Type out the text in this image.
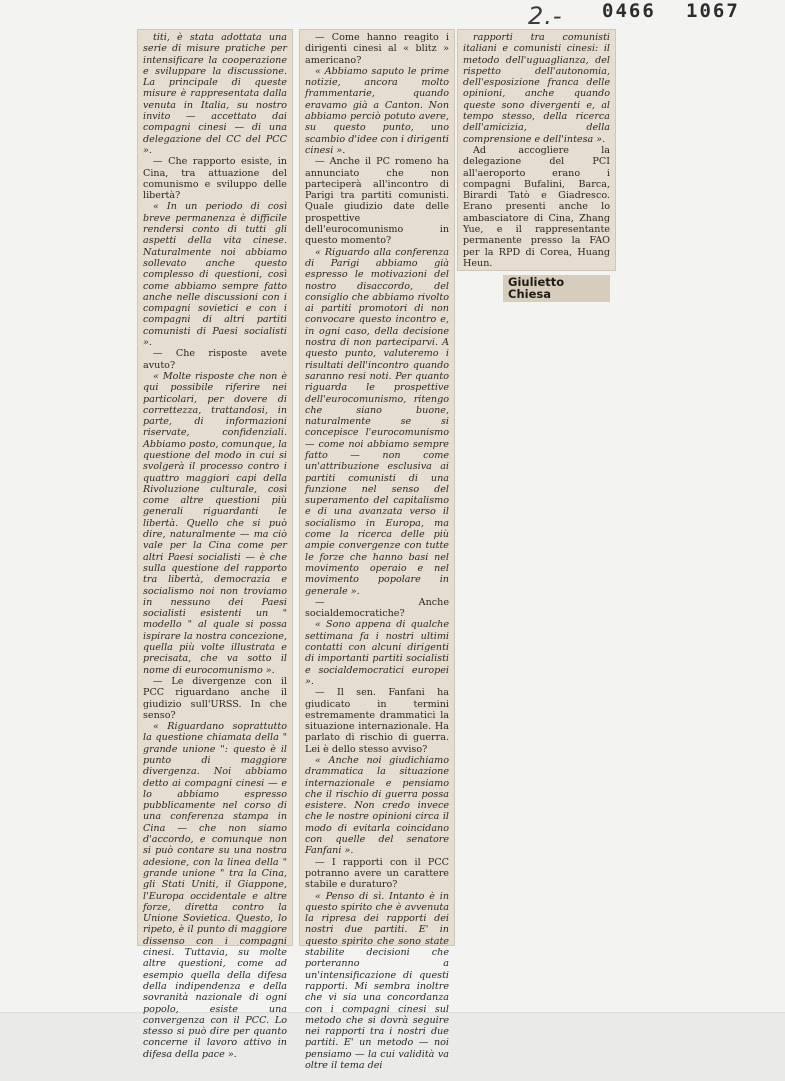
2.- 0466 1067

titi, è stata adottata una serie di misure pratiche per intensificare la cooperazione e sviluppare la discussione. La principale di queste misure è rappresentata dalla venuta in Italia, su nostro invito — accettato dai compagni cinesi — di una delegazione del CC del PCC ».

— Che rapporto esiste, in Cina, tra attuazione del comunismo e sviluppo delle libertà?

« In un periodo di così breve permanenza è difficile rendersi conto di tutti gli aspetti della vita cinese. Naturalmente noi abbiamo sollevato anche questo complesso di questioni, così come abbiamo sempre fatto anche nelle discussioni con i compagni sovietici e con i compagni di altri partiti comunisti di Paesi socialisti ».

— Che risposte avete avuto?

« Molte risposte che non è qui possibile riferire nei particolari, per dovere di correttezza, trattandosi, in parte, di informazioni riservate, confidenziali. Abbiamo posto, comunque, la questione del modo in cui si svolgerà il processo contro i quattro maggiori capi della Rivoluzione culturale, così come altre questioni più generali riguardanti le libertà. Quello che si può dire, naturalmente — ma ciò vale per la Cina come per altri Paesi socialisti — è che sulla questione del rapporto tra libertà, democrazia e socialismo noi non troviamo in nessuno dei Paesi socialisti esistenti un " modello " al quale si possa ispirare la nostra concezione, quella più volte illustrata e precisata, che va sotto il nome di eurocomunismo ».

— Le divergenze con il PCC riguardano anche il giudizio sull'URSS. In che senso?

« Riguardano soprattutto la questione chiamata della " grande unione ": questo è il punto di maggiore divergenza. Noi abbiamo detto ai compagni cinesi — e lo abbiamo espresso pubblicamente nel corso di una conferenza stampa in Cina — che non siamo d'accordo, e comunque non si può contare su una nostra adesione, con la linea della " grande unione " tra la Cina, gli Stati Uniti, il Giappone, l'Europa occidentale e altre forze, diretta contro la Unione Sovietica. Questo, lo ripeto, è il punto di maggiore dissenso con i compagni cinesi. Tuttavia, su molte altre questioni, come ad esempio quella della difesa della indipendenza e della sovranità nazionale di ogni popolo, esiste una convergenza con il PCC. Lo stesso si può dire per quanto concerne il lavoro attivo in difesa della pace ».

— Come hanno reagito i dirigenti cinesi al « blitz » americano?

« Abbiamo saputo le prime notizie, ancora molto frammentarie, quando eravamo già a Canton. Non abbiamo perciò potuto avere, su questo punto, uno scambio d'idee con i dirigenti cinesi ».

— Anche il PC romeno ha annunciato che non parteciperà all'incontro di Parigi tra partiti comunisti. Quale giudizio date delle prospettive dell'eurocomunismo in questo momento?

« Riguardo alla conferenza di Parigi abbiamo già espresso le motivazioni del nostro disaccordo, del consiglio che abbiamo rivolto ai partiti promotori di non convocare questo incontro e, in ogni caso, della decisione nostra di non parteciparvi. A questo punto, valuteremo i risultati dell'incontro quando saranno resi noti. Per quanto riguarda le prospettive dell'eurocomunismo, ritengo che siano buone, naturalmente se si concepisce l'eurocomunismo — come noi abbiamo sempre fatto — non come un'attribuzione esclusiva ai partiti comunisti di una funzione nel senso del superamento del capitalismo e di una avanzata verso il socialismo in Europa, ma come la ricerca delle più ampie convergenze con tutte le forze che hanno basi nel movimento operaio e nel movimento popolare in generale ».

— Anche socialdemocratiche?

« Sono appena di qualche settimana fa i nostri ultimi contatti con alcuni dirigenti di importanti partiti socialisti e socialdemocratici europei ».

— Il sen. Fanfani ha giudicato in termini estremamente drammatici la situazione internazionale. Ha parlato di rischio di guerra. Lei è dello stesso avviso?

« Anche noi giudichiamo drammatica la situazione internazionale e pensiamo che il rischio di guerra possa esistere. Non credo invece che le nostre opinioni circa il modo di evitarla coincidano con quelle del senatore Fanfani ».

— I rapporti con il PCC potranno avere un carattere stabile e duraturo?

« Penso di sì. Intanto è in questo spirito che è avvenuta la ripresa dei rapporti dei nostri due partiti. E' in questo spirito che sono state stabilite decisioni che porteranno a un'intensificazione di questi rapporti. Mi sembra inoltre che vi sia una concordanza con i compagni cinesi sul metodo che si dovrà seguire nei rapporti tra i nostri due partiti. E' un metodo — noi pensiamo — la cui validità va oltre il tema dei

rapporti tra comunisti italiani e comunisti cinesi: il metodo dell'uguaglianza, del rispetto dell'autonomia, dell'esposizione franca delle opinioni, anche quando queste sono divergenti e, al tempo stesso, della ricerca dell'amicizia, della comprensione e dell'intesa ».

Ad accogliere la delegazione del PCI all'aeroporto erano i compagni Bufalini, Barca, Birardi Tatò e Giadresco. Erano presenti anche lo ambasciatore di Cina, Zhang Yue, e il rappresentante permanente presso la FAO per la RPD di Corea, Huang Heun.

Giulietto Chiesa
